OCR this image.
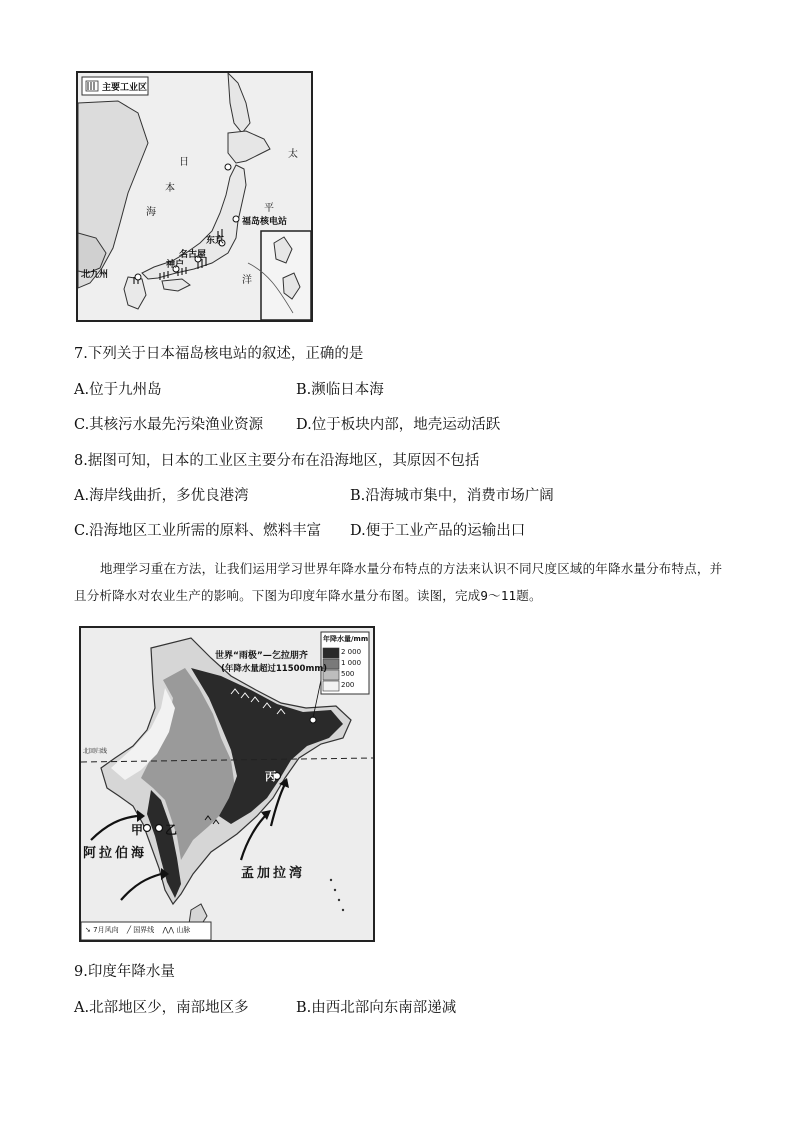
主要工业区
日
本
海
太
平
洋
福岛核电站
东京
名古屋
神户
北九州
7.下列关于日本福岛核电站的叙述，正确的是
A.位于九州岛	B.濒临日本海
C.其核污水最先污染渔业资源 D.位于板块内部，地壳运动活跃
8.据图可知，日本的工业区主要分布在沿海地区，其原因不包括
A.海岸线曲折，多优良港湾	B.沿海城市集中，消费市场广阔
C.沿海地区工业所需的原料、燃料丰富 D.便于工业产品的运输出口
地理学习重在方法，让我们运用学习世界年降水量分布特点的方法来认识不同尺度区域的年降水量分布特点，并且分析降水对农业生产的影响。下图为印度年降水量分布图。读图，完成9～11题。
年降水量/mm
2 000
1 000
500
200
世界“雨极”—乞拉朋齐
(年降水量超过11500mm)
北回归线
甲 乙
丙
阿拉伯海
孟加拉湾
➘ 7月风向 ╱ 国界线 ⋀⋀ 山脉
9.印度年降水量
A.北部地区少，南部地区多	B.由西北部向东南部递减
